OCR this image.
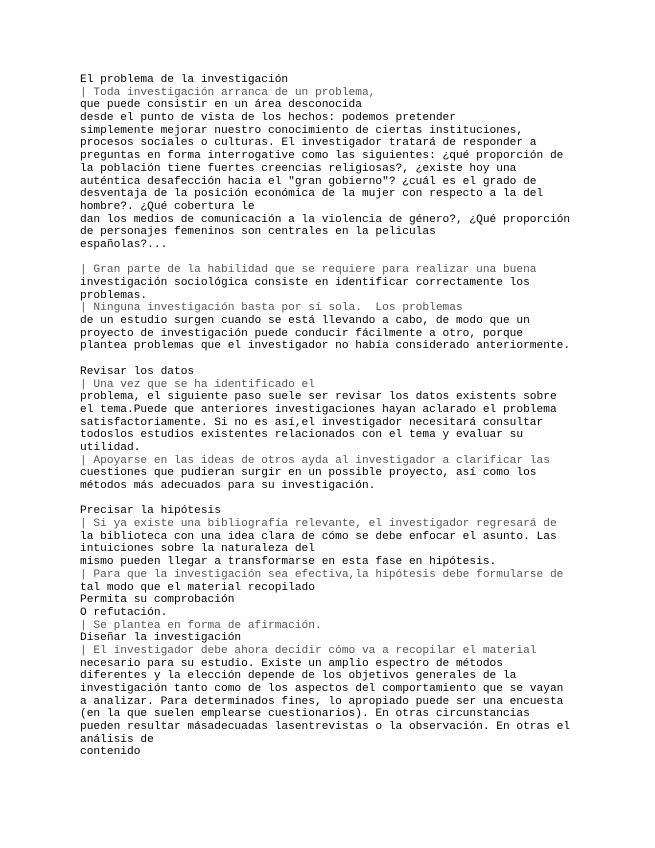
El problema de la investigación
| Toda investigación arranca de un problema,
que puede consistir en un área desconocida
desde el punto de vista de los hechos: podemos pretender
simplemente mejorar nuestro conocimiento de ciertas instituciones,
procesos sociales o culturas. El investigador tratará de responder a
preguntas en forma interrogative como las siguientes: ¿qué proporción de
la población tiene fuertes creencias religiosas?, ¿existe hoy una
auténtica desafección hacia el "gran gobierno"? ¿cuál es el grado de
desventaja de la posición económica de la mujer con respecto a la del
hombre?. ¿Qué cobertura le
dan los medios de comunicación a la violencia de género?, ¿Qué proporción
de personajes femeninos son centrales en la peliculas
españolas?...
| Gran parte de la habilidad que se requiere para realizar una buena
investigación sociológica consiste en identificar correctamente los
problemas.
| Ninguna investigación basta por sí sola.  Los problemas
de un estudio surgen cuando se está llevando a cabo, de modo que un
proyecto de investigación puede conducir fácilmente a otro, porque
plantea problemas que el investigador no había considerado anteriormente.
Revisar los datos
| Una vez que se ha identificado el
problema, el siguiente paso suele ser revisar los datos existents sobre
el tema.Puede que anteriores investigaciones hayan aclarado el problema
satisfactoriamente. Si no es así,el investigador necesitará consultar
todoslos estudios existentes relacionados con el tema y evaluar su
utilidad.
| Apoyarse en las ideas de otros ayda al investigador a clarificar las
cuestiones que pudieran surgir en un possible proyecto, así como los
métodos más adecuados para su investigación.
Precisar la hipótesis
| Si ya existe una bibliografía relevante, el investigador regresará de
la biblioteca con una idea clara de cómo se debe enfocar el asunto. Las
intuiciones sobre la naturaleza del
mismo pueden llegar a transformarse en esta fase en hipótesis.
| Para que la investigación sea efectiva,la hipótesis debe formularse de
tal modo que el material recopilado
Permita su comprobación
O refutación.
| Se plantea en forma de afirmación.
Diseñar la investigación
| El investigador debe ahora decidir cómo va a recopilar el material
necesario para su estudio. Existe un amplio espectro de métodos
diferentes y la elección depende de los objetivos generales de la
investigación tanto como de los aspectos del comportamiento que se vayan
a analizar. Para determinados fines, lo apropiado puede ser una encuesta
(en la que suelen emplearse cuestionarios). En otras circunstancias
pueden resultar másadecuadas lasentrevistas o la observación. En otras el
análisis de
contenido
